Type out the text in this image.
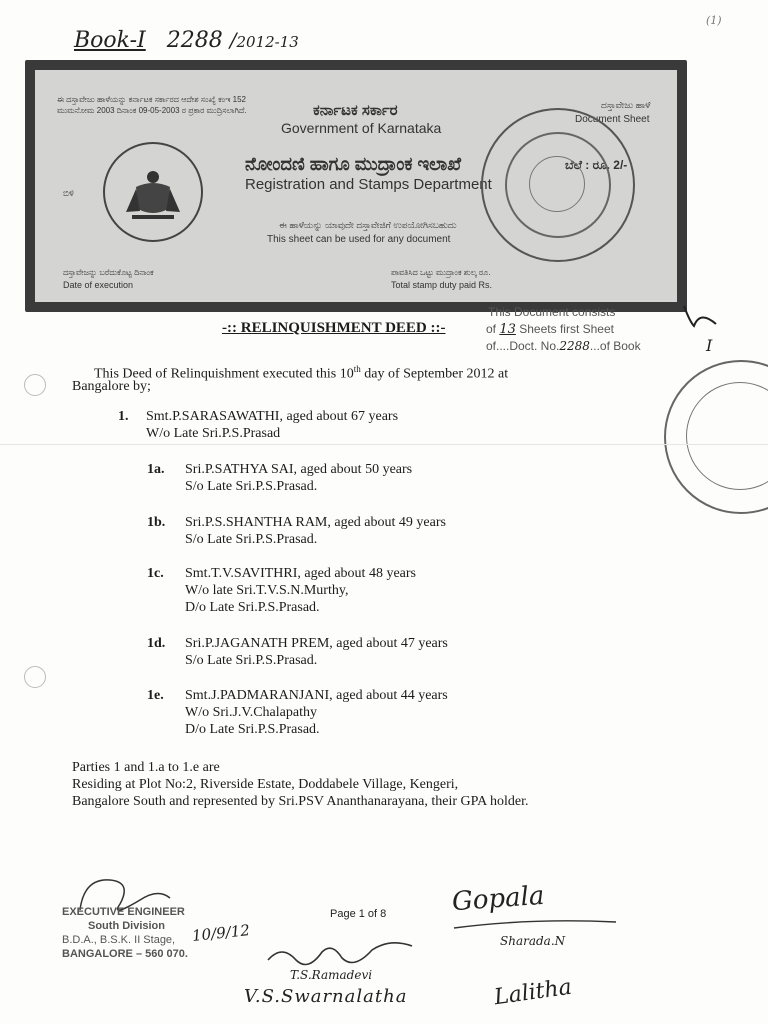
(1)
Book-I 2288 /2012-13
ಈ ದಸ್ತಾವೇಜು ಹಾಳೆಯನ್ನು ಕರ್ನಾಟಕ ಸರ್ಕಾರದ ಆದೇಶ ಸಂಖ್ಯೆ ಕಂಇ 152 ಮುಮನೋಮ 2003 ದಿನಾಂಕ 09-05-2003 ರ ಪ್ರಕಾರ ಮುದ್ರಿಸಲಾಗಿದೆ.
ಬಿಳಿ
ಕರ್ನಾಟಕ ಸರ್ಕಾರ
Government of Karnataka
ನೋಂದಣಿ ಹಾಗೂ ಮುದ್ರಾಂಕ ಇಲಾಖೆ
Registration and Stamps Department
ಈ ಹಾಳೆಯನ್ನು ಯಾವುದೇ ದಸ್ತಾವೇಜಿಗೆ ಉಪಯೋಗಿಸಬಹುದು
This sheet can be used for any document
ದಸ್ತಾವೇಜು ಹಾಳೆ
Document Sheet
ಬೆಲೆ : ರೂ. 2/-
ದಸ್ತಾವೇಜನ್ನು ಬರೆದುಕೊಟ್ಟ ದಿನಾಂಕ
Date of execution
ಪಾವತಿಸಿದ ಒಟ್ಟು ಮುದ್ರಾಂಕ ಶುಲ್ಕ ರೂ.
Total stamp duty paid Rs.
-:: RELINQUISHMENT DEED ::-
This Document consists
of 13 Sheets first Sheet
of....Doct. No.2288...of Book	I
This Deed of Relinquishment executed this 10th day of September 2012 at
Bangalore by;
1. Smt.P.SARASAWATHI, aged about 67 years
W/o Late Sri.P.S.Prasad
1a. Sri.P.SATHYA SAI, aged about 50 years
S/o Late Sri.P.S.Prasad.
1b. Sri.P.S.SHANTHA RAM, aged about 49 years
S/o Late Sri.P.S.Prasad.
1c. Smt.T.V.SAVITHRI, aged about 48 years
W/o late Sri.T.V.S.N.Murthy,
D/o Late Sri.P.S.Prasad.
1d. Sri.P.JAGANATH PREM, aged about 47 years
S/o Late Sri.P.S.Prasad.
1e. Smt.J.PADMARANJANI, aged about 44 years
W/o Sri.J.V.Chalapathy
D/o Late Sri.P.S.Prasad.
Parties 1 and 1.a to 1.e are
Residing at Plot No:2, Riverside Estate, Doddabele Village, Kengeri,
Bangalore South and represented by Sri.PSV Ananthanarayana, their GPA holder.
EXECUTIVE ENGINEER
South Division
B.D.A., B.S.K. II Stage,
BANGALORE – 560 070.
10/9/12
Page 1 of 8 Gopala
Sharada.N
T.S.Ramadevi
V.S.Swarnalatha	Lalitha
